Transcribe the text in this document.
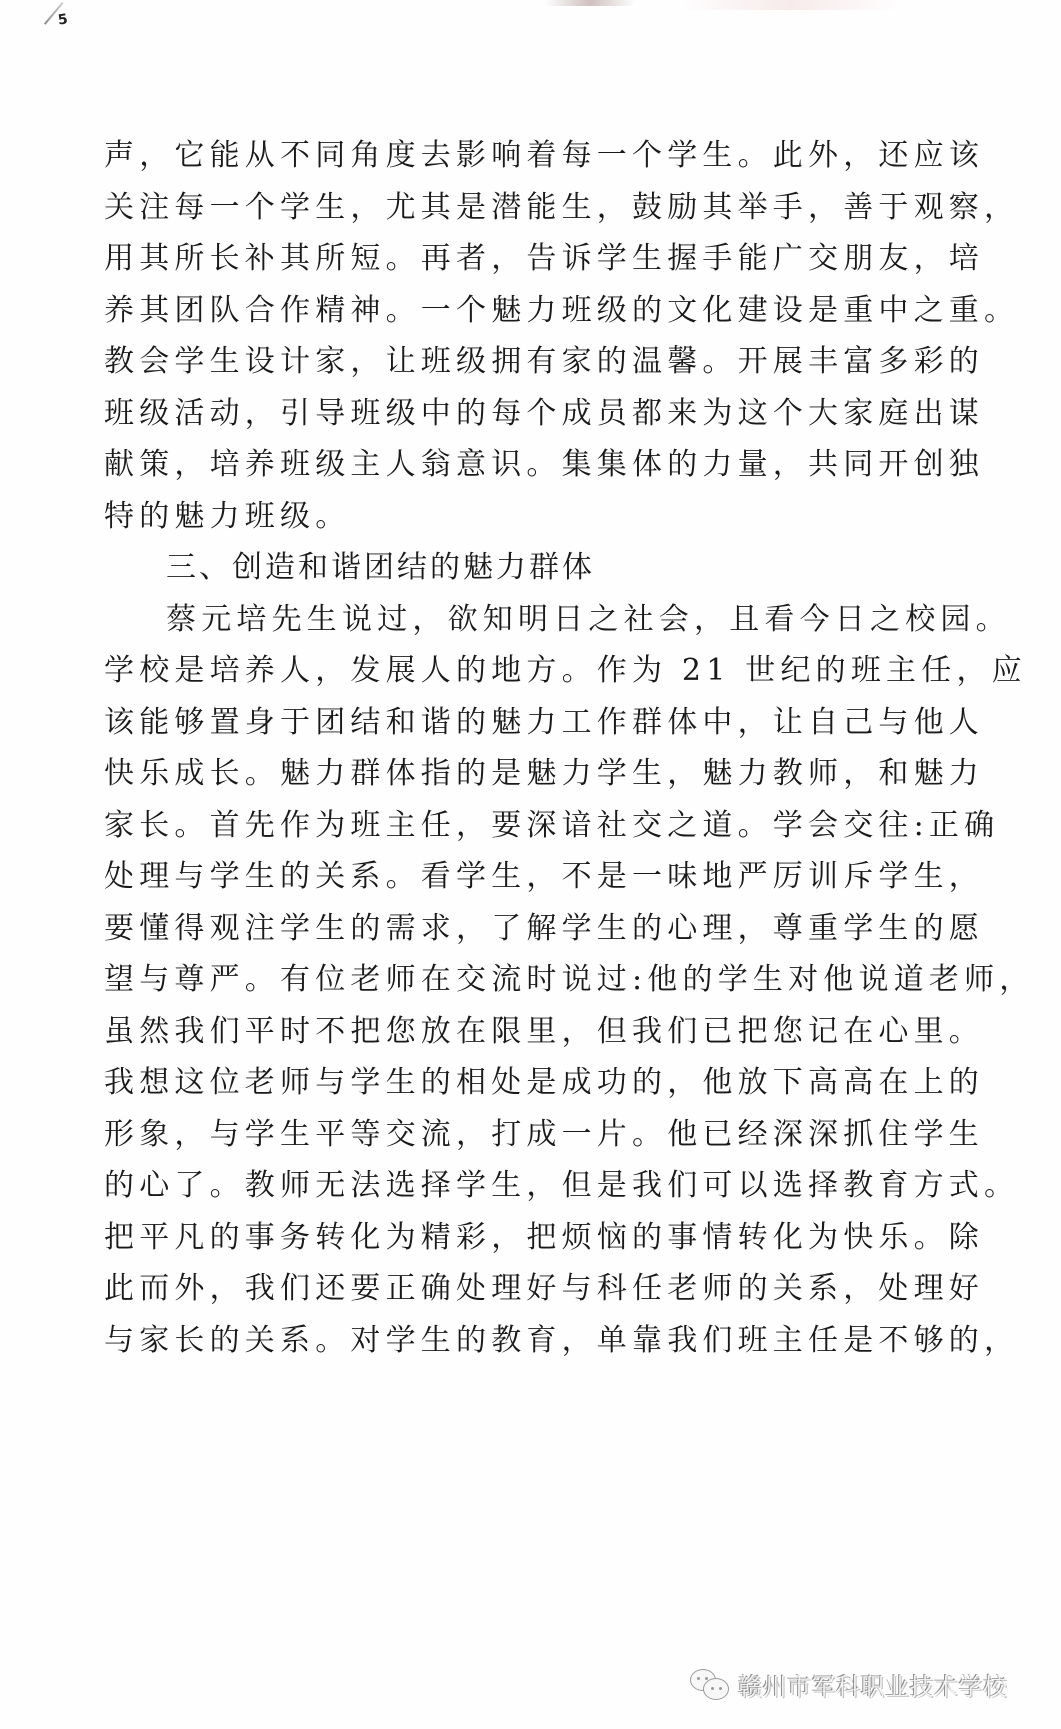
5
声，它能从不同角度去影响着每一个学生。此外，还应该
关注每一个学生，尤其是潜能生，鼓励其举手，善于观察，
用其所长补其所短。再者，告诉学生握手能广交朋友，培
养其团队合作精神。一个魅力班级的文化建设是重中之重。
教会学生设计家，让班级拥有家的温馨。开展丰富多彩的
班级活动，引导班级中的每个成员都来为这个大家庭出谋
献策，培养班级主人翁意识。集集体的力量，共同开创独
特的魅力班级。
三、创造和谐团结的魅力群体
蔡元培先生说过，欲知明日之社会，且看今日之校园。
学校是培养人，发展人的地方。作为 21 世纪的班主任，应
该能够置身于团结和谐的魅力工作群体中，让自己与他人
快乐成长。魅力群体指的是魅力学生，魅力教师，和魅力
家长。首先作为班主任，要深谙社交之道。学会交往:正确
处理与学生的关系。看学生，不是一味地严厉训斥学生，
要懂得观注学生的需求，了解学生的心理，尊重学生的愿
望与尊严。有位老师在交流时说过:他的学生对他说道老师，
虽然我们平时不把您放在限里，但我们已把您记在心里。
我想这位老师与学生的相处是成功的，他放下高高在上的
形象，与学生平等交流，打成一片。他已经深深抓住学生
的心了。教师无法选择学生，但是我们可以选择教育方式。
把平凡的事务转化为精彩，把烦恼的事情转化为快乐。除
此而外，我们还要正确处理好与科任老师的关系，处理好
与家长的关系。对学生的教育，单靠我们班主任是不够的，
赣州市军科职业技术学校
